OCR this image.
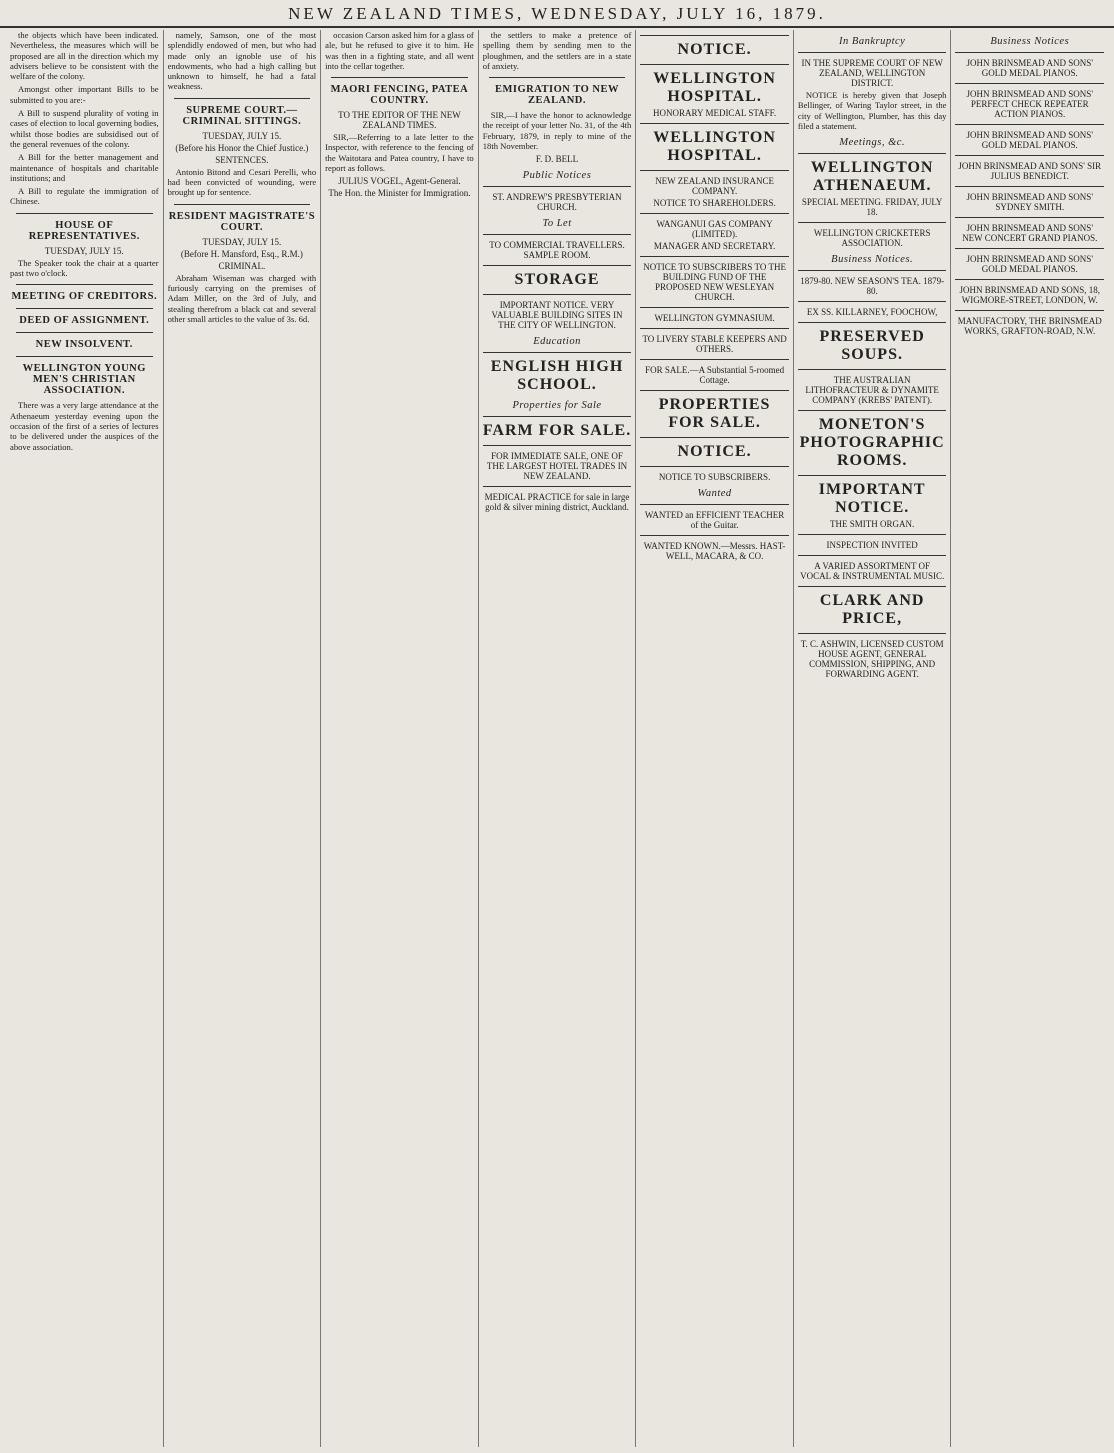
NEW ZEALAND TIMES, WEDNESDAY, JULY 16, 1879.
the objects which have been indicated. Nevertheless, the measures which will be proposed are all in the direction which my advisers believe to be consistent with the welfare of the colony.
Amongst other important Bills to be submitted to you are:-
A Bill to suspend plurality of voting in cases of election to local governing bodies, whilst those bodies are subsidised out of the general revenues of the colony.
A Bill for the better management and maintenance of hospitals and charitable institutions; and
A Bill to regulate the immigration of Chinese.
HOUSE OF REPRESENTATIVES.
TUESDAY, JULY 15.
The Speaker took the chair at a quarter past two o'clock.
MEETING OF CREDITORS.
DEED OF ASSIGNMENT.
NEW INSOLVENT.
WELLINGTON YOUNG MEN'S CHRISTIAN ASSOCIATION.
There was a very large attendance at the Athenaeum yesterday evening upon the occasion of the first of a series of lectures to be delivered under the auspices of the above association.
namely, Samson, one of the most splendidly endowed of men, but who had made only an ignoble use of his endowments, who had a high calling but unknown to himself, he had a fatal weakness.
SUPREME COURT.—CRIMINAL SITTINGS.
TUESDAY, JULY 15.
(Before his Honor the Chief Justice.)
SENTENCES.
Antonio Bitond and Cesari Perelli, who had been convicted of wounding, were brought up for sentence.
RESIDENT MAGISTRATE'S COURT.
TUESDAY, JULY 15.
(Before H. Mansford, Esq., R.M.)
CRIMINAL.
Abraham Wiseman was charged with furiously carrying on the premises of Adam Miller, on the 3rd of July, and stealing therefrom a black cat and several other small articles to the value of 3s. 6d.
occasion Carson asked him for a glass of ale, but he refused to give it to him. He was then in a fighting state, and all went into the cellar together.
MAORI FENCING, PATEA COUNTRY.
TO THE EDITOR OF THE NEW ZEALAND TIMES.
SIR,—Referring to a late letter to the Inspector, with reference to the fencing of the Waitotara and Patea country, I have to report as follows.
JULIUS VOGEL, Agent-General.
The Hon. the Minister for Immigration.
the settlers to make a pretence of spelling them by sending men to the ploughmen, and the settlers are in a state of anxiety.
EMIGRATION TO NEW ZEALAND.
SIR,—I have the honor to acknowledge the receipt of your letter No. 31, of the 4th February, 1879, in reply to mine of the 18th November.
F. D. BELL
Public Notices
ST. ANDREW'S PRESBYTERIAN CHURCH.
To Let
TO COMMERCIAL TRAVELLERS. SAMPLE ROOM.
STORAGE
IMPORTANT NOTICE. VERY VALUABLE BUILDING SITES IN THE CITY OF WELLINGTON.
Education
ENGLISH HIGH SCHOOL.
Properties for Sale
FARM FOR SALE.
FOR IMMEDIATE SALE, ONE OF THE LARGEST HOTEL TRADES IN NEW ZEALAND.
MEDICAL PRACTICE for sale in large gold & silver mining district, Auckland.
NOTICE.
WELLINGTON HOSPITAL.
HONORARY MEDICAL STAFF.
WELLINGTON HOSPITAL.
NEW ZEALAND INSURANCE COMPANY.
NOTICE TO SHAREHOLDERS.
WANGANUI GAS COMPANY (LIMITED).
MANAGER AND SECRETARY.
NOTICE TO SUBSCRIBERS TO THE BUILDING FUND OF THE PROPOSED NEW WESLEYAN CHURCH.
WELLINGTON GYMNASIUM.
TO LIVERY STABLE KEEPERS AND OTHERS.
FOR SALE.—A Substantial 5-roomed Cottage.
PROPERTIES FOR SALE.
NOTICE.
NOTICE TO SUBSCRIBERS.
Wanted
WANTED an EFFICIENT TEACHER of the Guitar.
WANTED KNOWN.—Messrs. HAST-WELL, MACARA, & CO.
In Bankruptcy
IN THE SUPREME COURT OF NEW ZEALAND, WELLINGTON DISTRICT.
NOTICE is hereby given that Joseph Bellinger, of Waring Taylor street, in the city of Wellington, Plumber, has this day filed a statement.
Meetings, &c.
WELLINGTON ATHENAEUM.
SPECIAL MEETING. FRIDAY, JULY 18.
WELLINGTON CRICKETERS ASSOCIATION.
Business Notices.
1879-80. NEW SEASON'S TEA. 1879-80.
EX SS. KILLARNEY, FOOCHOW,
PRESERVED SOUPS.
THE AUSTRALIAN LITHOFRACTEUR & DYNAMITE COMPANY (KREBS' PATENT).
MONETON'S PHOTOGRAPHIC ROOMS.
IMPORTANT NOTICE.
THE SMITH ORGAN.
INSPECTION INVITED
A VARIED ASSORTMENT OF VOCAL & INSTRUMENTAL MUSIC.
CLARK AND PRICE,
T. C. ASHWIN, LICENSED CUSTOM HOUSE AGENT, GENERAL COMMISSION, SHIPPING, AND FORWARDING AGENT.
Business Notices
JOHN BRINSMEAD AND SONS' GOLD MEDAL PIANOS.
JOHN BRINSMEAD AND SONS' PERFECT CHECK REPEATER ACTION PIANOS.
JOHN BRINSMEAD AND SONS' GOLD MEDAL PIANOS.
JOHN BRINSMEAD AND SONS' SIR JULIUS BENEDICT.
JOHN BRINSMEAD AND SONS' SYDNEY SMITH.
JOHN BRINSMEAD AND SONS' NEW CONCERT GRAND PIANOS.
JOHN BRINSMEAD AND SONS' GOLD MEDAL PIANOS.
JOHN BRINSMEAD AND SONS, 18, WIGMORE-STREET, LONDON, W.
MANUFACTORY, THE BRINSMEAD WORKS, GRAFTON-ROAD, N.W.
